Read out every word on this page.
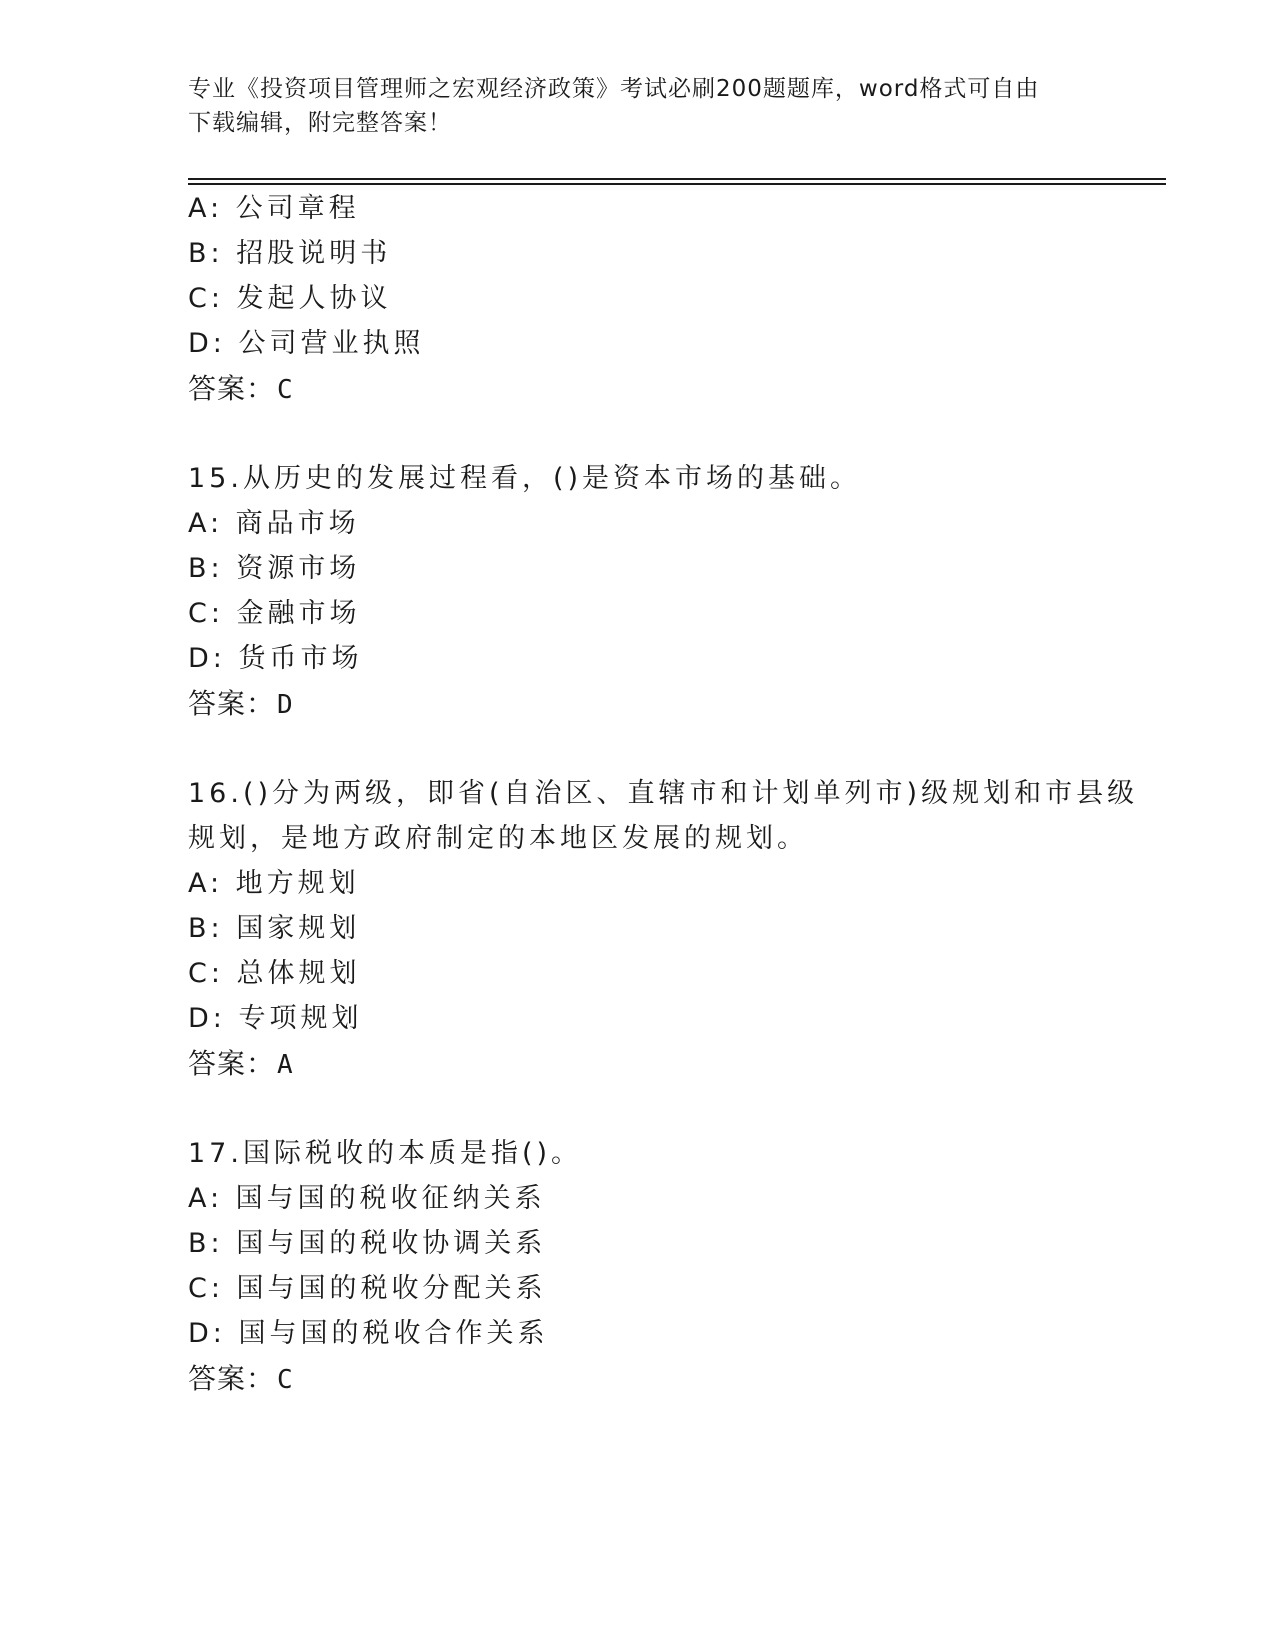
专业《投资项目管理师之宏观经济政策》考试必刷200题题库，word格式可自由
下载编辑，附完整答案！
A: 公司章程
B: 招股说明书
C: 发起人协议
D: 公司营业执照
答案：C
15.从历史的发展过程看，()是资本市场的基础。
A: 商品市场
B: 资源市场
C: 金融市场
D: 货币市场
答案：D
16.()分为两级，即省(自治区、直辖市和计划单列市)级规划和市县级
规划，是地方政府制定的本地区发展的规划。
A: 地方规划
B: 国家规划
C: 总体规划
D: 专项规划
答案：A
17.国际税收的本质是指()。
A: 国与国的税收征纳关系
B: 国与国的税收协调关系
C: 国与国的税收分配关系
D: 国与国的税收合作关系
答案：C
